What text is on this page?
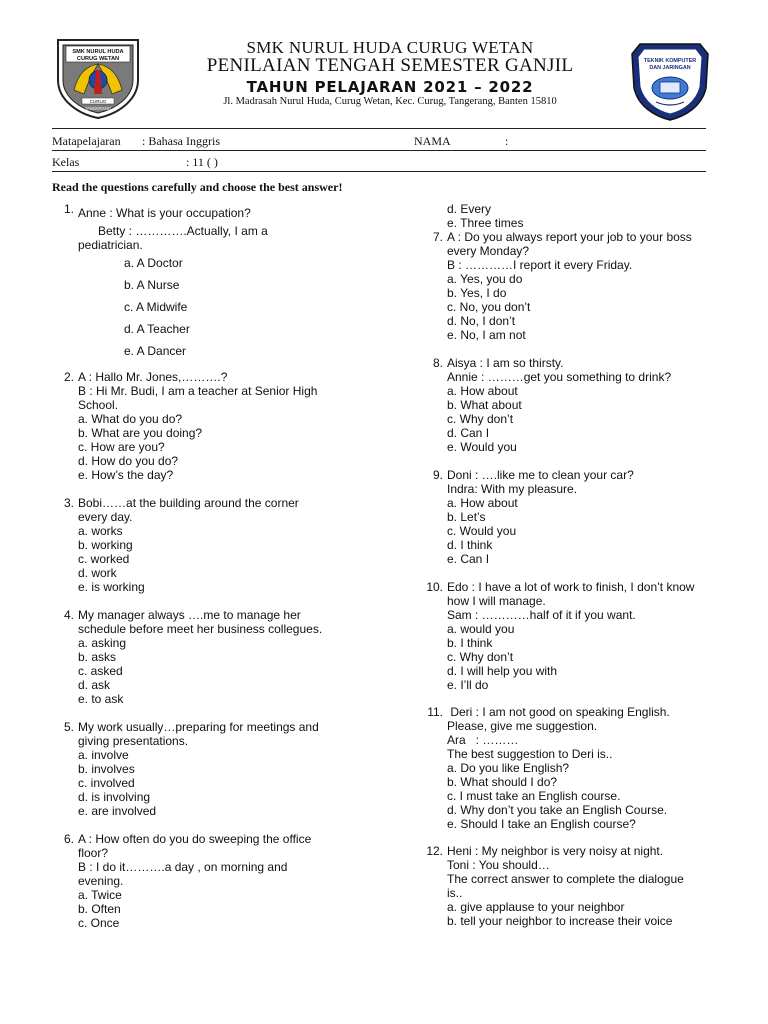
SMK NURUL HUDA
CURUG WETAN
CURUG
TANGERANG
TEKNIK KOMPUTER
DAN JARINGAN
SMK NURUL HUDA CURUG WETAN
PENILAIAN TENGAH SEMESTER GANJIL
TAHUN PELAJARAN 2021 – 2022
Jl. Madrasah Nurul Huda, Curug Wetan, Kec. Curug, Tangerang, Banten 15810
Matapelajaran : Bahasa Inggris	NAMA	:
Kelas	: 11 ( )
Read the questions carefully and choose the best answer!
1. Anne : What is your occupation?
Betty : ………….Actually, I am a
pediatrician.
a. A Doctor
b. A Nurse
c. A Midwife
d. A Teacher
e. A Dancer
2. A : Hallo Mr. Jones,……….?
B : Hi Mr. Budi, I am a teacher at Senior High
School.
a. What do you do?
b. What are you doing?
c. How are you?
d. How do you do?
e. How’s the day?
3. Bobi……at the building around the corner
every day.
a. works
b. working
c. worked
d. work
e. is working
4. My manager always ….me to manage her
schedule before meet her business collegues.
a. asking
b. asks
c. asked
d. ask
e. to ask
5. My work usually…preparing for meetings and
giving presentations.
a. involve
b. involves
c. involved
d. is involving
e. are involved
6. A : How often do you do sweeping the office
floor?
B : I do it……….a day , on morning and
evening.
a. Twice
b. Often
c. Once
d. Every
e. Three times
7. A : Do you always report your job to your boss
every Monday?
B : …………I report it every Friday.
a. Yes, you do
b. Yes, I do
c. No, you don’t
d. No, I don’t
e. No, I am not
8. Aisya : I am so thirsty.
Annie : ………get you something to drink?
a. How about
b. What about
c. Why don’t
d. Can I
e. Would you
9. Doni : ….like me to clean your car?
Indra: With my pleasure.
a. How about
b. Let’s
c. Would you
d. I think
e. Can I
10. Edo : I have a lot of work to finish, I don’t know
how I will manage.
Sam : …………half of it if you want.
a. would you
b. I think
c. Why don’t
d. I will help you with
e. I’ll do
11. Deri : I am not good on speaking English.
Please, give me suggestion.
Ara   : ………
The best suggestion to Deri is..
a. Do you like English?
b. What should I do?
c. I must take an English course.
d. Why don’t you take an English Course.
e. Should I take an English course?
12. Heni : My neighbor is very noisy at night.
Toni : You should…
The correct answer to complete the dialogue
is..
a. give applause to your neighbor
b. tell your neighbor to increase their voice
